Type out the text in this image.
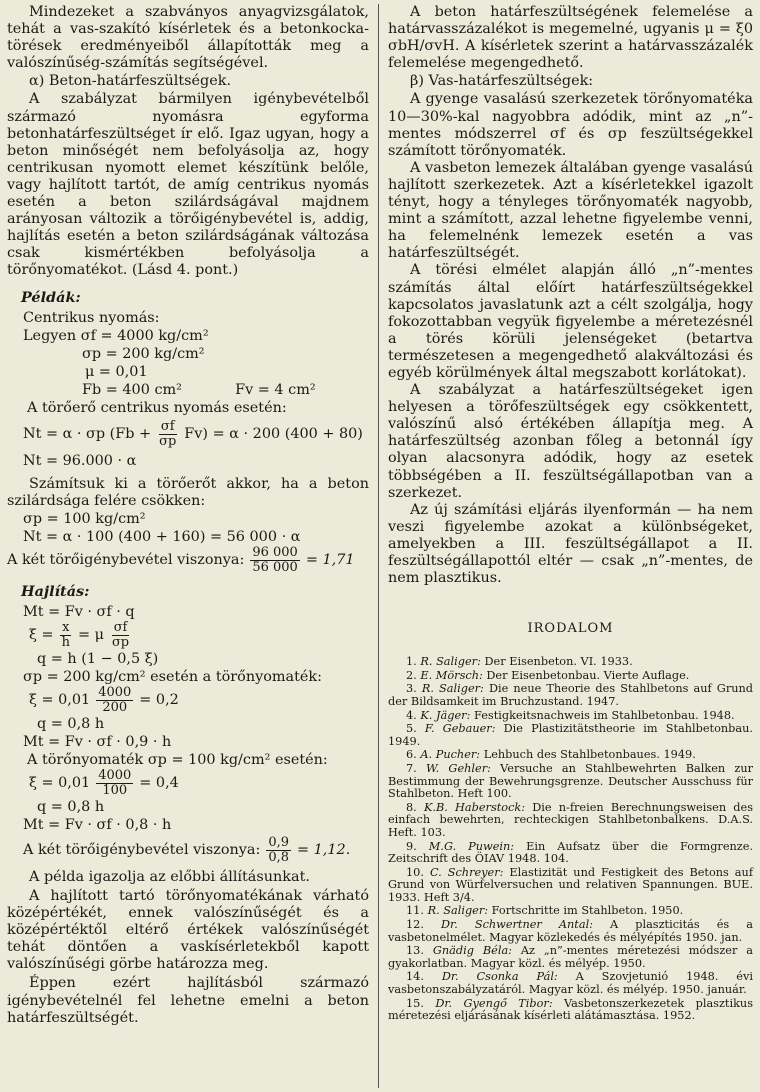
Mindezeket a szabványos anyagvizsgálatok, tehát a vas-szakító kísérletek és a betonkocka-törések eredményeiből állapították meg a valószínűség-számítás segítségével.

α) Beton-határfeszültségek.

A szabályzat bármilyen igénybevételből származó nyomásra egyforma betonhatárfeszültséget ír elő. Igaz ugyan, hogy a beton minőségét nem befolyásolja az, hogy centrikusan nyomott elemet készítünk belőle, vagy hajlított tartót, de amíg centrikus nyomás esetén a beton szilárdságával majdnem arányosan változik a törőigénybevétel is, addig, hajlítás esetén a beton szilárdságának változása csak kismértékben befolyásolja a törőnyomatékot. (Lásd 4. pont.)

Példák:

Centrikus nyomás:
Legyen σf = 4000 kg/cm²
σp = 200 kg/cm²
μ = 0,01
Fb = 400 cm²	Fv = 4 cm²
A törőerő centrikus nyomás esetén:
Nt = α · σp $(Fb + \frac{\sigma f}{\sigma p} Fv) = \alpha \cdot 200$ (400 + 80)
Nt = 96.000 · α

Számítsuk ki a törőerőt akkor, ha a beton szilárdsága felére csökken:

σp = 100 kg/cm²
Nt = α · 100 (400 + 160) = 56 000 · α
A két törőigénybevétel viszonya: $\frac{96 000}{56 000} = 1,71$

Hajlítás:

Mt = Fv · σf · q
$\xi = \frac{x}{h} = \mu \frac{\sigma f}{\sigma p}$
q = h (1 − 0,5 ξ)
σp = 200 kg/cm² esetén a törőnyomaték:
$\xi = 0,01 \frac{4000}{200} = 0,2$
q = 0,8 h
Mt = Fv · σf · 0,9 · h
A törőnyomaték σp = 100 kg/cm² esetén:
$\xi = 0,01 \frac{4000}{100} = 0,4$
q = 0,8 h
Mt = Fv · σf · 0,8 · h
A két törőigénybevétel viszonya: $\frac{0,9}{0,8} = 1,12$.

A példa igazolja az előbbi állításunkat.

A hajlított tartó törőnyomatékának várható középértékét, ennek valószínűségét és a középértéktől eltérő értékek valószínűségét tehát döntően a vaskísérletekből kapott valószínűségi görbe határozza meg.

Éppen ezért hajlításból származó igénybevételnél fel lehetne emelni a beton határfeszültségét.

A beton határfeszültségének felemelése a határvasszázalékot is megemelné, ugyanis μ = ξ0 σbH/σvH. A kísérletek szerint a határvasszázalék felemelése megengedhető.

β) Vas-határfeszültségek:

A gyenge vasalású szerkezetek törőnyomatéka 10—30%-kal nagyobbra adódik, mint az „n”-mentes módszerrel σf és σp feszültségekkel számított törőnyomaték.

A vasbeton lemezek általában gyenge vasalású hajlított szerkezetek. Azt a kísérletekkel igazolt tényt, hogy a tényleges törőnyomaték nagyobb, mint a számított, azzal lehetne figyelembe venni, ha felemelnénk lemezek esetén a vas határfeszültségét.

A törési elmélet alapján álló „n”-mentes számítás által előírt határfeszültségekkel kapcsolatos javaslatunk azt a célt szolgálja, hogy fokozottabban vegyük figyelembe a méretezésnél a törés körüli jelenségeket (betartva természetesen a megengedhető alakváltozási és egyéb körülmények által megszabott korlátokat).

A szabályzat a határfeszültségeket igen helyesen a törőfeszültségek egy csökkentett, valószínű alsó értékében állapítja meg. A határfeszültség azonban főleg a betonnál így olyan alacsonyra adódik, hogy az esetek többségében a II. feszültségállapotban van a szerkezet.

Az új számítási eljárás ilyenformán — ha nem veszi figyelembe azokat a különbségeket, amelyekben a III. feszültségállapot a II. feszültségállapottól eltér — csak „n”-mentes, de nem plasztikus.

IRODALOM

1. R. Saliger: Der Eisenbeton. VI. 1933.

2. E. Mörsch: Der Eisenbetonbau. Vierte Auflage.

3. R. Saliger: Die neue Theorie des Stahlbetons auf Grund der Bildsamkeit im Bruchzustand. 1947.

4. K. Jäger: Festigkeitsnachweis im Stahlbetonbau. 1948.

5. F. Gebauer: Die Plastizitätstheorie im Stahlbetonbau. 1949.

6. A. Pucher: Lehbuch des Stahlbetonbaues. 1949.

7. W. Gehler: Versuche an Stahlbewehrten Balken zur Bestimmung der Bewehrungsgrenze. Deutscher Ausschuss für Stahlbeton. Heft 100.

8. K.B. Haberstock: Die n-freien Berechnungsweisen des einfach bewehrten, rechteckigen Stahlbetonbalkens. D.A.S. Heft. 103.

9. M.G. Puwein: Ein Aufsatz über die Formgrenze. Zeitschrift des ÖIAV 1948. 104.

10. C. Schreyer: Elastizität und Festigkeit des Betons auf Grund von Würfelversuchen und relativen Spannungen. BUE. 1933. Heft 3/4.

11. R. Saliger: Fortschritte im Stahlbeton. 1950.

12. Dr. Schwertner Antal: A plaszticitás és a vasbetonelmélet. Magyar közlekedés és mélyépítés 1950. jan.

13. Gnädig Béla: Az „n”-mentes méretezési módszer a gyakorlatban. Magyar közl. és mélyép. 1950.

14. Dr. Csonka Pál: A Szovjetunió 1948. évi vasbetonszabályzatáról. Magyar közl. és mélyép. 1950. január.

15. Dr. Gyengő Tibor: Vasbetonszerkezetek plasztikus méretezési eljárásának kísérleti alátámasztása. 1952.
